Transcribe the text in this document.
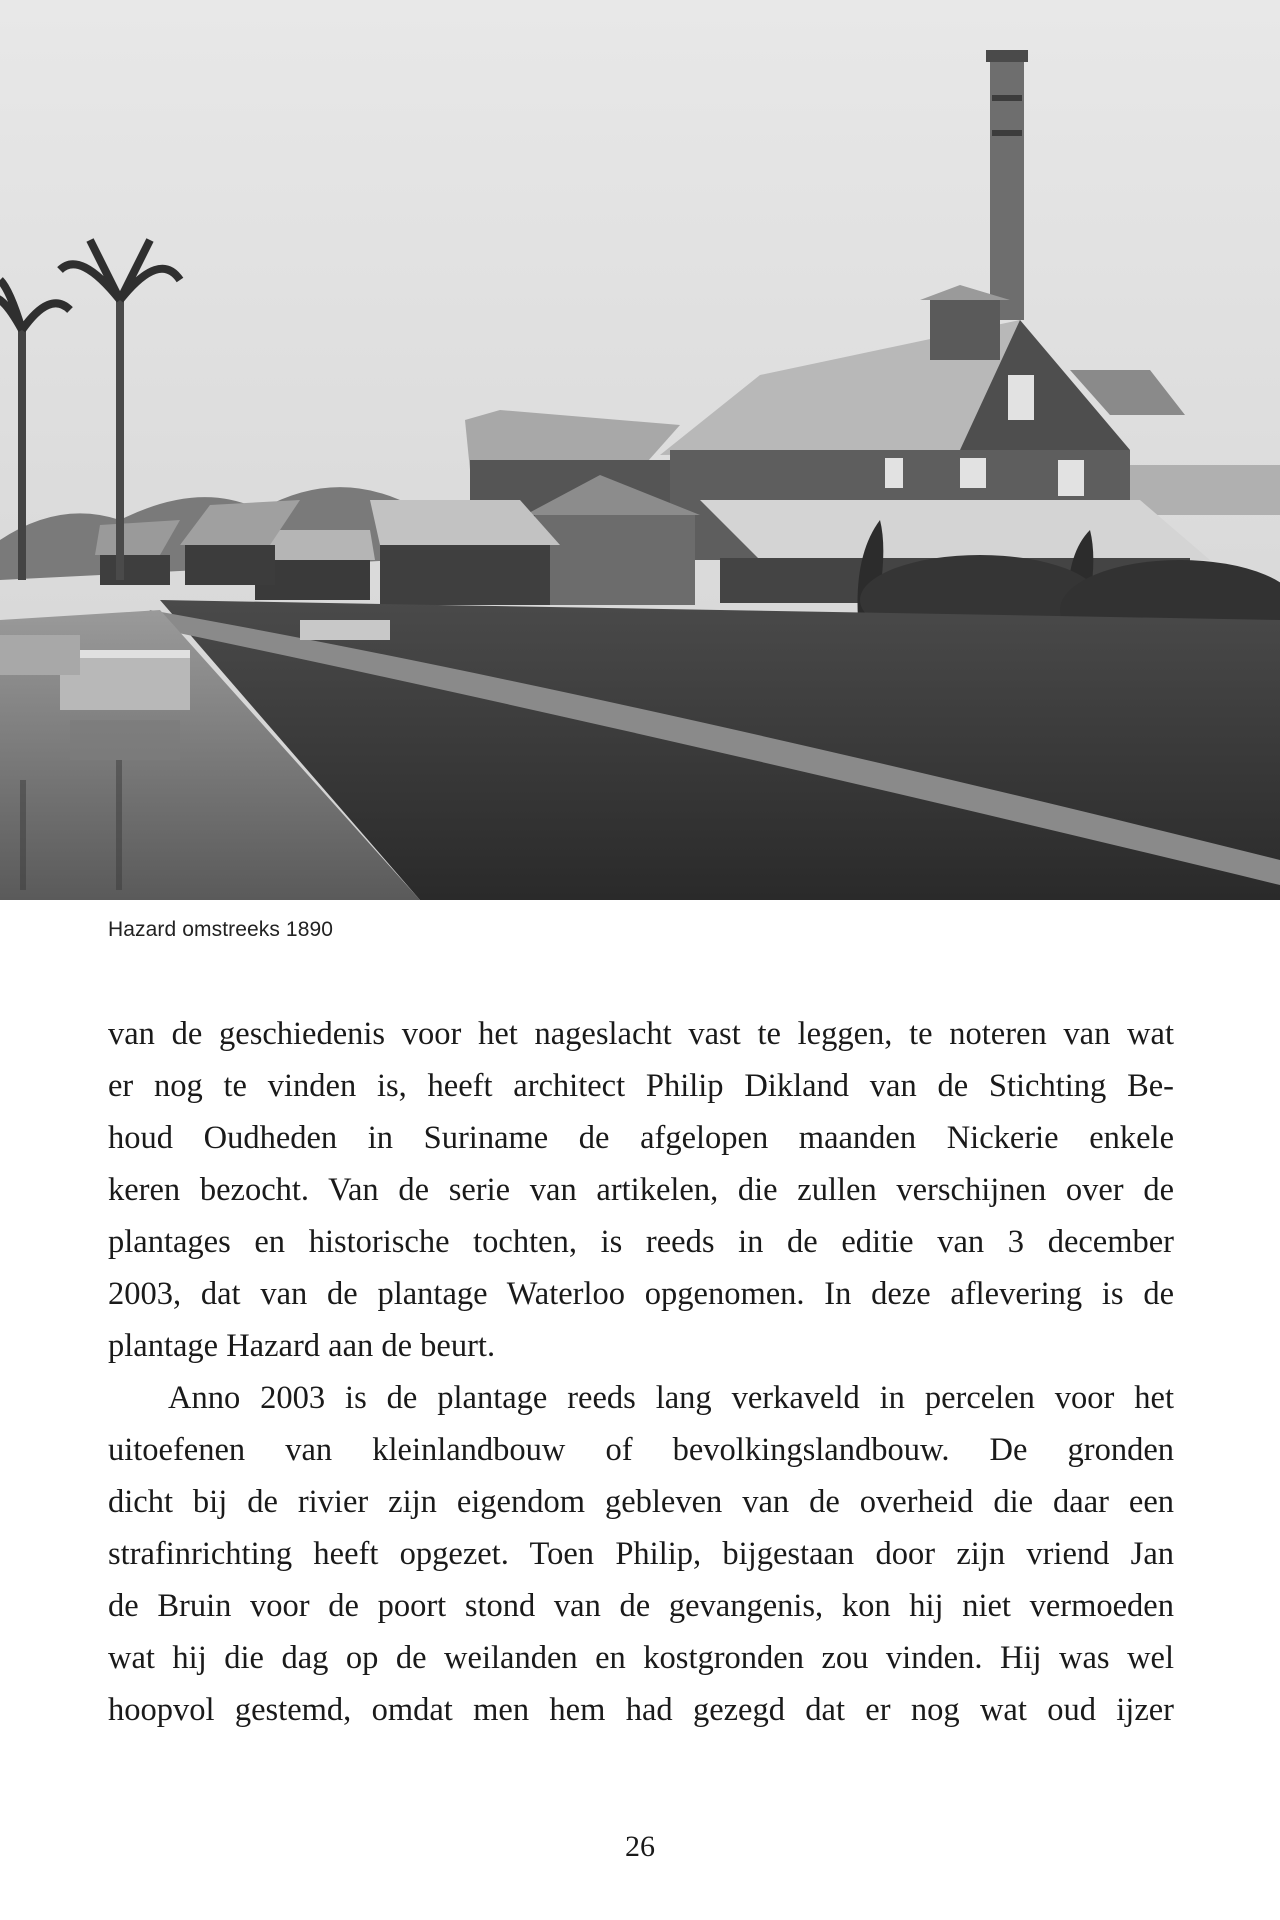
Hazard omstreeks 1890

van de geschiedenis voor het nageslacht vast te leggen, te noteren van wat
er nog te vinden is, heeft architect Philip Dikland van de Stichting Be-
houd Oudheden in Suriname de afgelopen maanden Nickerie enkele
keren bezocht. Van de serie van artikelen, die zullen verschijnen over de
plantages en historische tochten, is reeds in de editie van 3 december
2003, dat van de plantage Waterloo opgenomen. In deze aflevering is de
plantage Hazard aan de beurt.

Anno 2003 is de plantage reeds lang verkaveld in percelen voor het
uitoefenen van kleinlandbouw of bevolkingslandbouw. De gronden
dicht bij de rivier zijn eigendom gebleven van de overheid die daar een
strafinrichting heeft opgezet. Toen Philip, bijgestaan door zijn vriend Jan
de Bruin voor de poort stond van de gevangenis, kon hij niet vermoeden
wat hij die dag op de weilanden en kostgronden zou vinden. Hij was wel
hoopvol gestemd, omdat men hem had gezegd dat er nog wat oud ijzer

26
